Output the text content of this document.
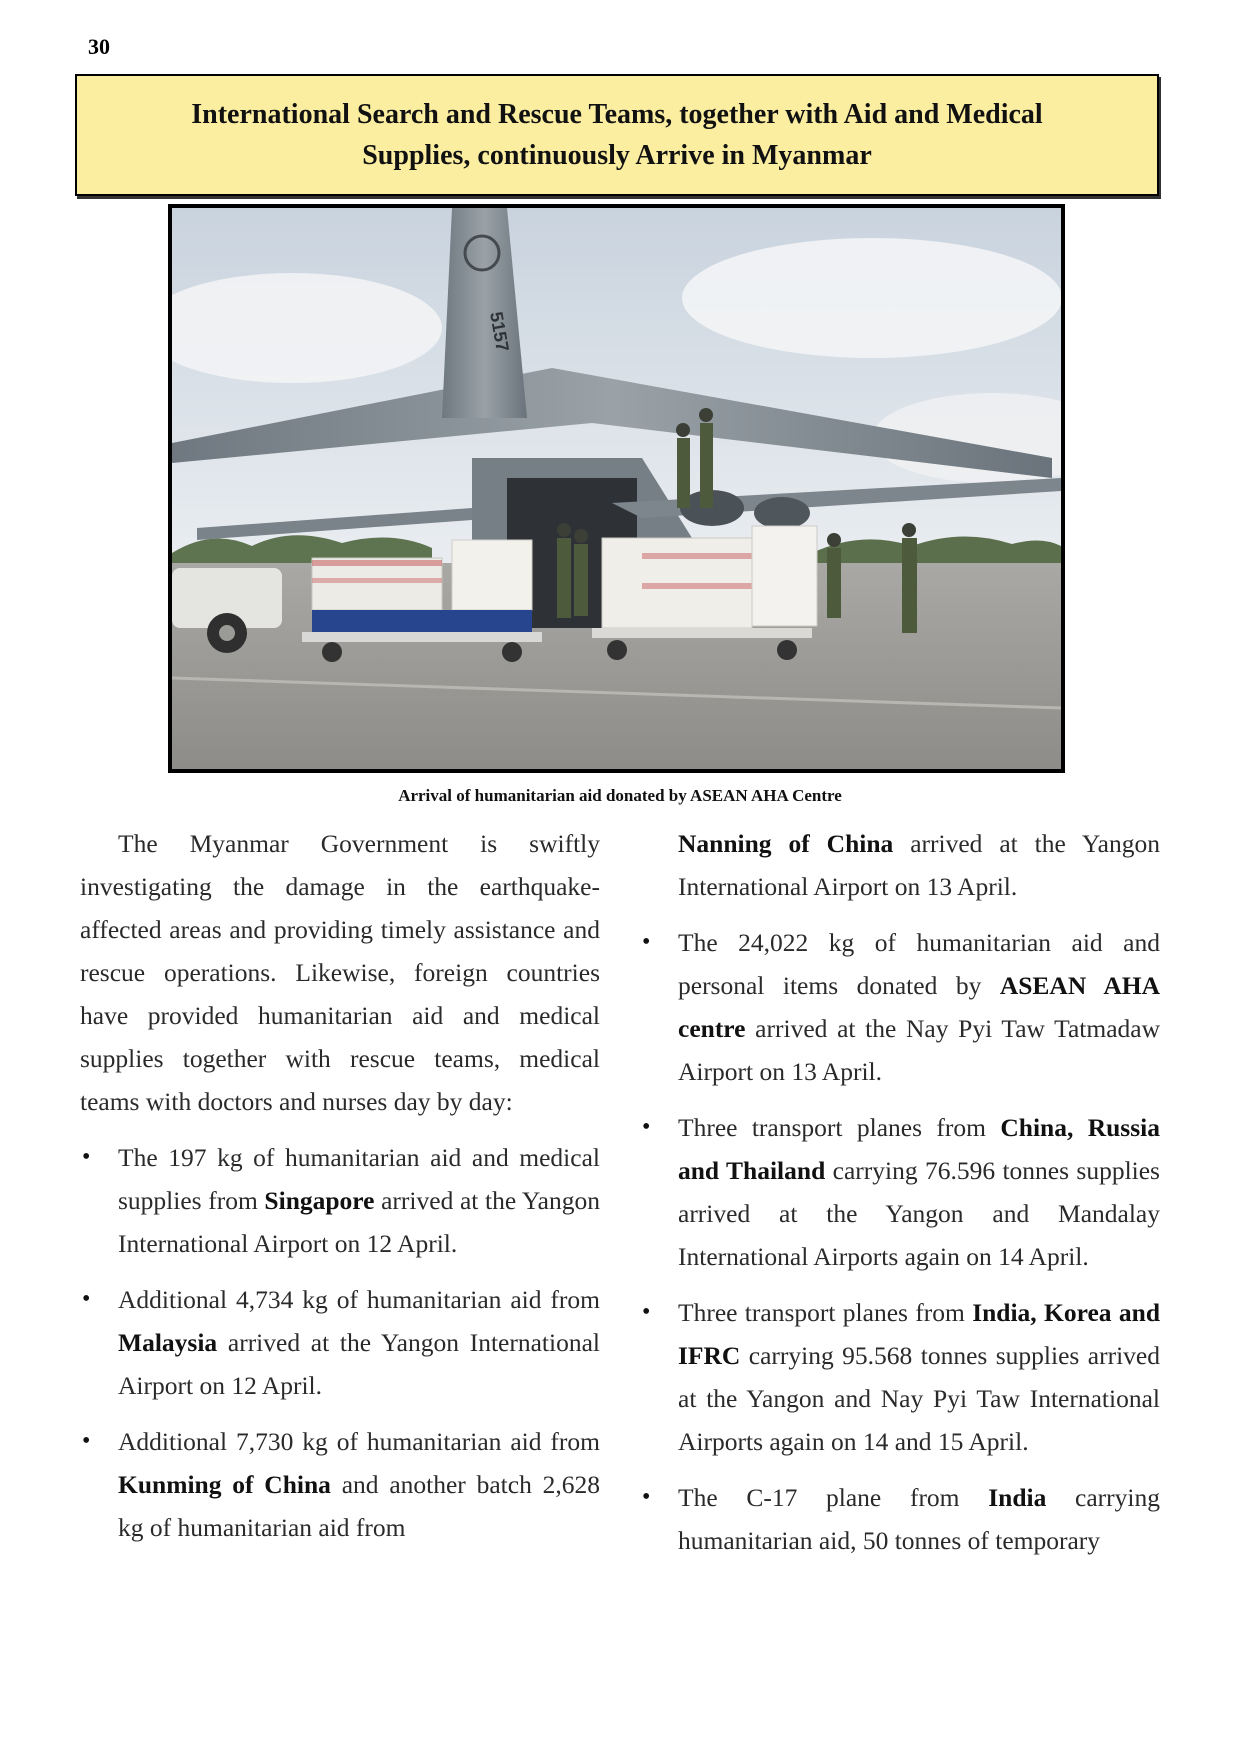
30
International Search and Rescue Teams, together with Aid and Medical
Supplies, continuously Arrive in Myanmar
5157
Arrival of humanitarian aid donated by ASEAN AHA Centre

The Myanmar Government is swiftly investigating the damage in the earthquake-affected areas and providing timely assistance and rescue operations. Likewise, foreign countries have provided humanitarian aid and medical supplies together with rescue teams, medical teams with doctors and nurses day by day:

• The 197 kg of humanitarian aid and medical supplies from Singapore arrived at the Yangon International Airport on 12 April.
• Additional 4,734 kg of humanitarian aid from Malaysia arrived at the Yangon International Airport on 12 April.
• Additional 7,730 kg of humanitarian aid from Kunming of China and another batch 2,628 kg of humanitarian aid from

Nanning of China arrived at the Yangon International Airport on 13 April.

• The 24,022 kg of humanitarian aid and personal items donated by ASEAN AHA centre arrived at the Nay Pyi Taw Tatmadaw Airport on 13 April.
• Three transport planes from China, Russia and Thailand carrying 76.596 tonnes supplies arrived at the Yangon and Mandalay International Airports again on 14 April.
• Three transport planes from India, Korea and IFRC carrying 95.568 tonnes supplies arrived at the Yangon and Nay Pyi Taw International Airports again on 14 and 15 April.
• The C-17 plane from India carrying humanitarian aid, 50 tonnes of temporary
